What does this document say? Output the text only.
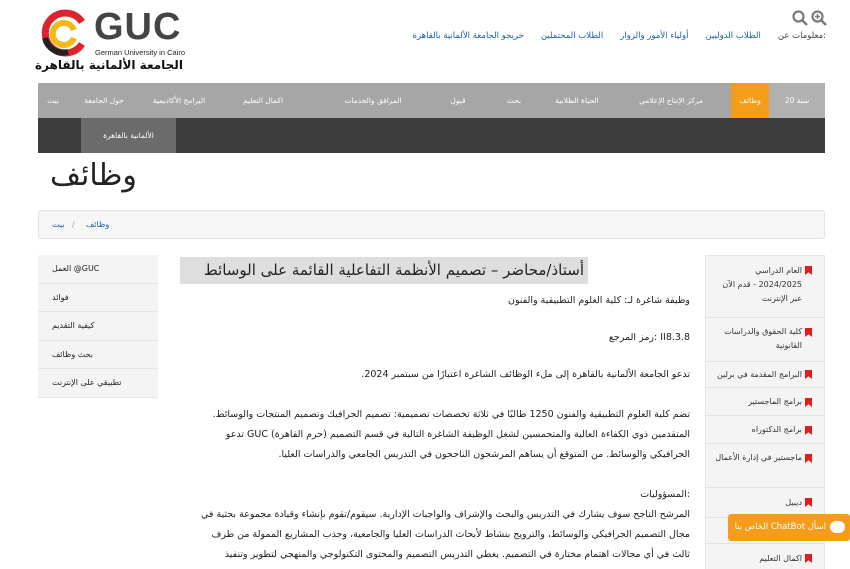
GUC
German University in Cairo
الجامعة الألمانية بالقاهرة
خريجو الجامعة الألمانية بالقاهرة الطلاب المحتملين أولياء الأمور والزوار الطلاب الدوليين :معلومات عن
سنة 20
وظائف
مركز الإنتاج الإعلامي
الحياة الطلابية
بحث
قبول
المرافق والخدمات
اكمال التعليم
البرامج الأكاديمية
حول الجامعة
بيت
الألمانية بالقاهرة
وظائف
بيت / وظائف
GUC@ العمل
فوائد
كيفية التقديم
بحث وظائف
تطبيقي على الإنترنت
أستاذ/محاضر – تصميم الأنظمة التفاعلية القائمة على الوسائط
وظيفة شاغرة لـ: كلية العلوم التطبيقية والفنون
II8.3.8 :رمز المرجع
تدعو الجامعة الألمانية بالقاهرة إلى ملء الوظائف الشاغرة اعتبارًا من سبتمبر 2024.
تضم كلية العلوم التطبيقية والفنون 1250 طالبًا في ثلاثة تخصصات تصميمية: تصميم الجرافيك وتصميم المنتجات والوسائط.
المتقدمين ذوي الكفاءة العالية والمتحمسين لشغل الوظيفة الشاغرة التالية في قسم التصميم (حرم القاهرة) GUC تدعو
الجرافيكي والوسائط. من المتوقع أن يساهم المرشحون الناجحون في التدريس الجامعي والدراسات العليا.
:المسؤوليات
المرشح الناجح سوف يشارك في التدريس والبحث والإشراف والواجبات الإدارية. سيقوم/تقوم بإنشاء وقيادة مجموعة بحثية في
مجال التصميم الجرافيكي والوسائط، والترويج بنشاط لأبحاث الدراسات العليا والجامعية، وجذب المشاريع الممولة من طرف
ثالث في أي مجالات اهتمام مختارة في التصميم. يغطي التدريس التصميم والمحتوى التكنولوجي والمنهجي لتطوير وتنفيذ
العام الدراسي 2024/2025 - قدم الآن عبر الإنترنت
كلية الحقوق والدراسات القانونية
البرامج المقدمة في برلين
برامج الماجستير
برامج الدكتوراه
ماجستير في إدارة الأعمال
ديبيل
اكمال التعليم
اسأل ChatBot الخاص بنا
